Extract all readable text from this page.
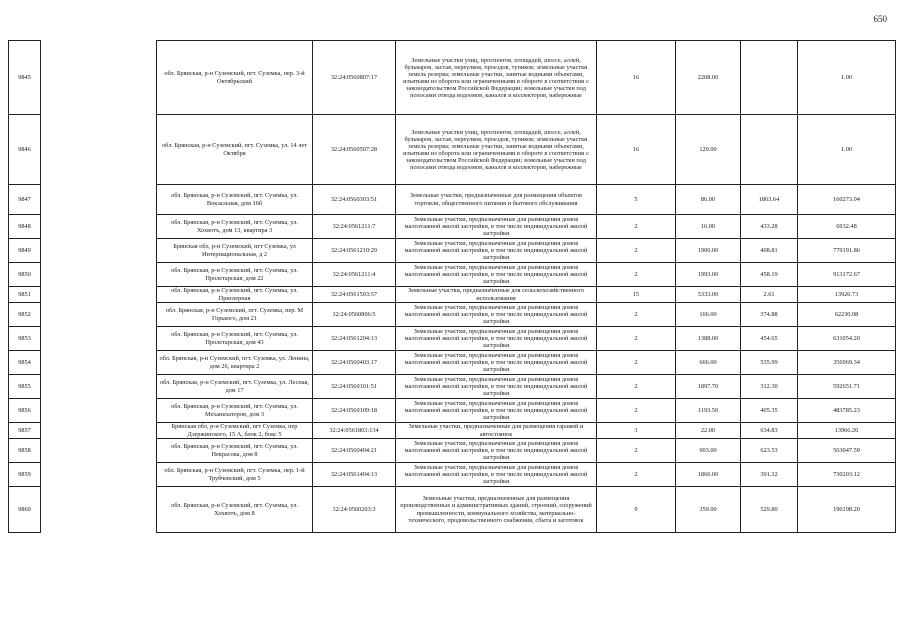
650
9845		обл. Брянская, р-н Суземский, пгт. Суземка, пер. 3-й Октябрьский	32:24:0560807:17	Земельные участки улиц, проспектов, площадей, шоссе, аллей, бульваров, застав, переулков, проездов, тупиков; земельные участки земель резерва; земельные участки, занятые водными объектами, изъятыми из оборота или ограниченными в обороте в соответствии с законодательством Российской Федерации; земельные участки под полосами отвода водоемов, каналов и коллекторов, набережные	16	2208.00		1.00
9846		обл. Брянская, р-н Суземский, пгт. Суземка, ул. 14 лет Октября	32:24:0560507:28	Земельные участки улиц, проспектов, площадей, шоссе, аллей, бульваров, застав, переулков, проездов, тупиков; земельные участки земель резерва; земельные участки, занятые водными объектами, изъятыми из оборота или ограниченными в обороте в соответствии с законодательством Российской Федерации; земельные участки под полосами отвода водоемов, каналов и коллекторов, набережные	16	129.00		1.00
9847		обл. Брянская, р-н Суземский, пгт. Суземка, ул. Вокзальная, дом 16б	32:24:0560303:51	Земельные участки, предназначенные для размещения объектов торговли, общественного питания и бытового обслуживания	5	86.00	1863.64	160273.04
9848		обл. Брянская, р-н Суземский, пгт. Суземка, ул. Хохвотъ, дом 13, квартира 3	32:24:0561211:7	Земельные участки, предназначенные для размещения домов малоэтажной жилой застройки, в том числе индивидуальной жилой застройки	2	16.00	433.28	6932.48
9849		Брянская обл, р-н Суземский, пгт Суземка, ул Интернациональная, д 2	32:24:0561210:29	Земельные участки, предназначенные для размещения домов малоэтажной жилой застройки, в том числе индивидуальной жилой застройки	2	1906.00	408.81	779191.86
9850		обл. Брянская, р-н Суземский, пгт. Суземка, ул. Пролетарская, дом 22	32:24:0561211:4	Земельные участки, предназначенные для размещения домов малоэтажной жилой застройки, в том числе индивидуальной жилой застройки	2	1993.00	458.19	913172.67
9851		обл. Брянская, р-н Суземский, пгт. Суземка, ул. Приозерная	32:24:0561503:57	Земельные участки, предназначенные для сельскохозяйственного использования	15	5333.00	2.61	13920.73
9852		обл. Брянская, р-н Суземский, пгт. Суземка, пер. М Горького, дом 21	32:24:0560806:5	Земельные участки, предназначенные для размещения домов малоэтажной жилой застройки, в том числе индивидуальной жилой застройки	2	166.00	374.88	62230.08
9853		обл. Брянская, р-н Суземский, пгт. Суземка, ул. Пролетарская, дом 43	32:24:0561204:13	Земельные участки, предназначенные для размещения домов малоэтажной жилой застройки, в том числе индивидуальной жилой застройки	2	1388.00	454.65	631054.20
9854		обл. Брянская, р-н Суземский, пгт. Суземка, ул. Ленина, дом 26, квартира 2	32:24:0560403:17	Земельные участки, предназначенные для размещения домов малоэтажной жилой застройки, в том числе индивидуальной жилой застройки	2	666.00	535.99	356969.34
9855		обл. Брянская, р-н Суземский, пгт. Суземка, ул. Лесная, дом 17	32:24:0560101:51	Земельные участки, предназначенные для размещения домов малоэтажной жилой застройки, в том числе индивидуальной жилой застройки	2	1897.70	312.30	592651.71
9856		обл. Брянская, р-н Суземский, пгт. Суземка, ул. Механизаторов, дом 3	32:24:0560109:18	Земельные участки, предназначенные для размещения домов малоэтажной жилой застройки, в том числе индивидуальной жилой застройки	2	1193.50	405.35	483785.23
9857		Брянская обл, р-н Суземский, пгт Суземка, пер Дзержинского, 15 А, блок 2, бокс 5	32:24:0561803:134	Земельные участки, предназначенные для размещения гаражей и автостоянок	3	22.00	634.83	13966.26
9858		обл. Брянская, р-н Суземский, пгт. Суземка, ул. Некрасова, дом 8	32:24:0560404:21	Земельные участки, предназначенные для размещения домов малоэтажной жилой застройки, в том числе индивидуальной жилой застройки	2	903.00	623.53	563047.59
9859		обл. Брянская, р-н Суземский, пгт. Суземка, пер. 1-й Трубчевский, дом 5	32:24:0561404:13	Земельные участки, предназначенные для размещения домов малоэтажной жилой застройки, в том числе индивидуальной жилой застройки	2	1866.00	391.32	730203.12
9860		обл. Брянская, р-н Суземский, пгт. Суземка, ул. Хохвотъ, дом 8	32:24:0560203:3	Земельные участки, предназначенные для размещения производственных и административных зданий, строений, сооружений промышленности, коммунального хозяйства, материально-технического, продовольственного снабжения, сбыта и заготовок	9	359.00	529.80	190198.20
